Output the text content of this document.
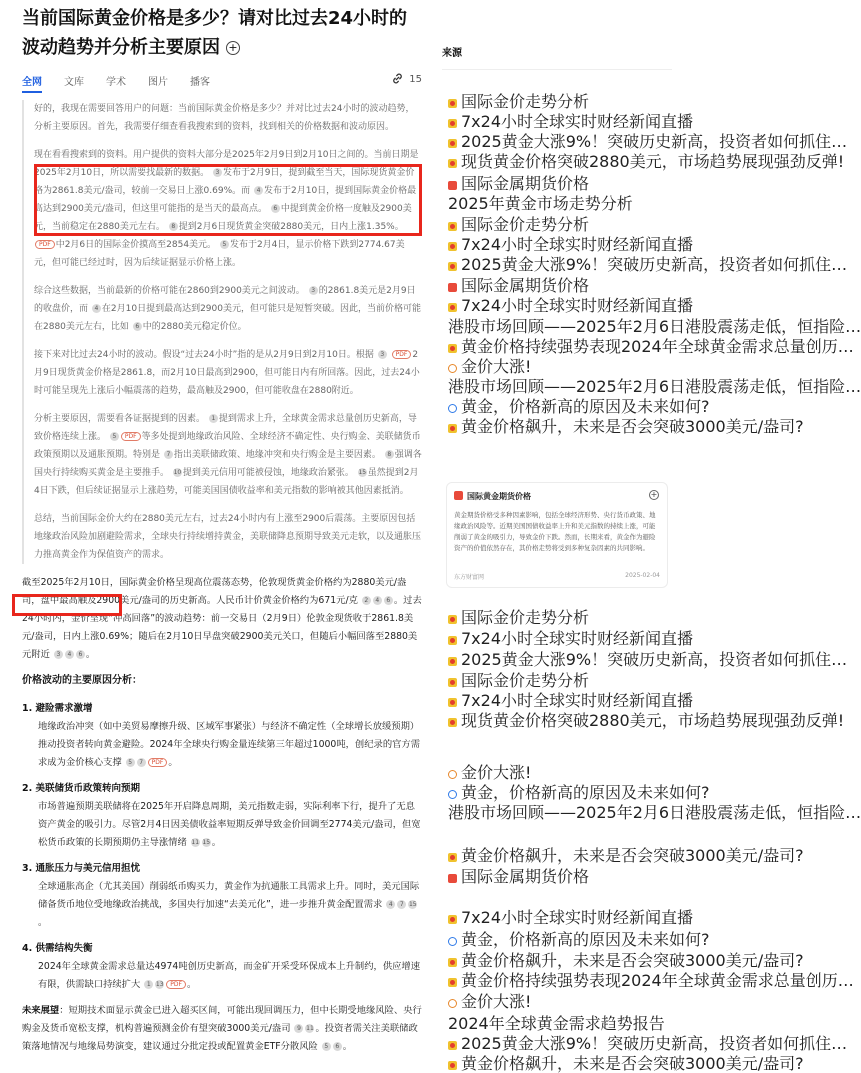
当前国际黄金价格是多少？请对比过去24小时的波动趋势并分析主要原因 +
全网 文库 学术 图片 播客	15

好的，我现在需要回答用户的问题：当前国际黄金价格是多少？并对比过去24小时的波动趋势，分析主要原因。首先，我需要仔细查看我搜索到的资料，找到相关的价格数据和波动原因。

现在看看搜索到的资料。用户提供的资料大部分是2025年2月9日到2月10日之间的。当前日期是2025年2月10日，所以需要找最新的数据。 3 发布于2月9日，提到截至当天，国际现货黄金价格为2861.8美元/盎司，较前一交易日上涨0.69%。而 4 发布于2月10日，提到国际黄金价格最高达到2900美元/盎司，但这里可能指的是当天的最高点。 6 中提到黄金价格一度触及2900美元，当前稳定在2880美元左右。 8 提到2月6日现货黄金突破2880美元，日内上涨1.35%。 PDF 中2月6日的国际金价摸高至2854美元。 5 发布于2月4日，显示价格下跌到2774.67美元，但可能已经过时，因为后续证据显示价格上涨。

综合这些数据，当前最新的价格可能在2860到2900美元之间波动。 3 的2861.8美元是2月9日的收盘价，而 4 在2月10日提到最高达到2900美元，但可能只是短暂突破。因此，当前价格可能在2880美元左右，比如 6 中的2880美元稳定价位。

接下来对比过去24小时的波动。假设“过去24小时”指的是从2月9日到2月10日。根据 3 PDF 2月9日现货黄金价格是2861.8，而2月10日最高到2900，但可能日内有所回落。因此，过去24小时可能呈现先上涨后小幅震荡的趋势，最高触及2900，但可能收盘在2880附近。

分析主要原因，需要看各证据提到的因素。 1 提到需求上升，全球黄金需求总量创历史新高，导致价格连续上涨。 5 PDF 等多处提到地缘政治风险、全球经济不确定性、央行购金、美联储货币政策预期以及通胀预期。特别是 7 指出美联储政策、地缘冲突和央行购金是主要因素。 8 强调各国央行持续购买黄金是主要推手。 10 提到美元信用可能被侵蚀，地缘政治紧张。 15 虽然提到2月4日下跌，但后续证据显示上涨趋势，可能美国国债收益率和美元指数的影响被其他因素抵消。

总结，当前国际金价大约在2880美元左右，过去24小时内有上涨至2900后震荡。主要原因包括地缘政治风险加剧避险需求，全球央行持续增持黄金，美联储降息预期导致美元走软，以及通胀压力推高黄金作为保值资产的需求。

截至2025年2月10日，国际黄金价格呈现高位震荡态势，伦敦现货黄金价格约为2880美元/盎司，盘中最高触及2900美元/盎司的历史新高。人民币计价黄金价格约为671元/克 2 4 6 。过去24小时内，金价呈现“冲高回落”的波动趋势：前一交易日（2月9日）伦敦金现货收于2861.8美元/盎司，日内上涨0.69%；随后在2月10日早盘突破2900美元关口，但随后小幅回落至2880美元附近 3 4 6 。

价格波动的主要原因分析：
1. 避险需求激增
地缘政治冲突（如中美贸易摩擦升级、区域军事紧张）与经济不确定性（全球增长放缓预期）推动投资者转向黄金避险。2024年全球央行购金量连续第三年超过1000吨，创纪录的官方需求成为金价核心支撑 5 7 PDF 。
2. 美联储货币政策转向预期
市场普遍预期美联储将在2025年开启降息周期，美元指数走弱，实际利率下行，提升了无息资产黄金的吸引力。尽管2月4日因美债收益率短期反弹导致金价回调至2774美元/盎司，但宽松货币政策的长期预期仍主导涨情绪 11 15 。
3. 通胀压力与美元信用担忧
全球通胀高企（尤其美国）削弱纸币购买力，黄金作为抗通胀工具需求上升。同时，美元国际储备货币地位受地缘政治挑战，多国央行加速“去美元化”，进一步推升黄金配置需求 4 7 15。
4. 供需结构失衡
2024年全球黄金需求总量达4974吨创历史新高，而金矿开采受环保成本上升制约，供应增速有限，供需缺口持续扩大 1 13 PDF 。

未来展望：短期技术面显示黄金已进入超买区间，可能出现回调压力，但中长期受地缘风险、央行购金及货币宽松支撑，机构普遍预测金价有望突破3000美元/盎司 9 11 。投资者需关注美联储政策落地情况与地缘局势演变，建议通过分批定投或配置黄金ETF分散风险 5 6 。

来源
国际金价走势分析
7x24小时全球实时财经新闻直播
2025黄金大涨9%！突破历史新高，投资者如何抓住…
现货黄金价格突破2880美元，市场趋势展现强劲反弹!
国际金属期货价格
2025年黄金市场走势分析
国际金价走势分析
7x24小时全球实时财经新闻直播
2025黄金大涨9%！突破历史新高，投资者如何抓住…
国际金属期货价格
7x24小时全球实时财经新闻直播
港股市场回顾——2025年2月6日港股震荡走低，恒指险…
黄金价格持续强势表现2024年全球黄金需求总量创历…
金价大涨!
港股市场回顾——2025年2月6日港股震荡走低，恒指险…
黄金，价格新高的原因及未来如何?
黄金价格飙升，未来是否会突破3000美元/盎司?
国际金价走势分析
7x24小时全球实时财经新闻直播
2025黄金大涨9%！突破历史新高，投资者如何抓住…
国际金价走势分析
7x24小时全球实时财经新闻直播
现货黄金价格突破2880美元，市场趋势展现强劲反弹!
金价大涨!
黄金，价格新高的原因及未来如何?
港股市场回顾——2025年2月6日港股震荡走低，恒指险…
黄金价格飙升，未来是否会突破3000美元/盎司?
国际金属期货价格
7x24小时全球实时财经新闻直播
黄金，价格新高的原因及未来如何?
黄金价格飙升，未来是否会突破3000美元/盎司?
黄金价格持续强势表现2024年全球黄金需求总量创历…
金价大涨!
2024年全球黄金需求趋势报告
2025黄金大涨9%！突破历史新高，投资者如何抓住…
黄金价格飙升，未来是否会突破3000美元/盎司?
国际黄金期货价格	+
黄金期货价格受多种因素影响，包括全球经济形势、央行货币政策、地缘政治风险等。近期美国国债收益率上升和美元指数的持续上涨，可能削弱了黄金的吸引力，导致金价下跌。然而，长期来看，黄金作为避险资产的价值依然存在，其价格走势将受到多种复杂因素的共同影响。
东方财富网	2025-02-04
